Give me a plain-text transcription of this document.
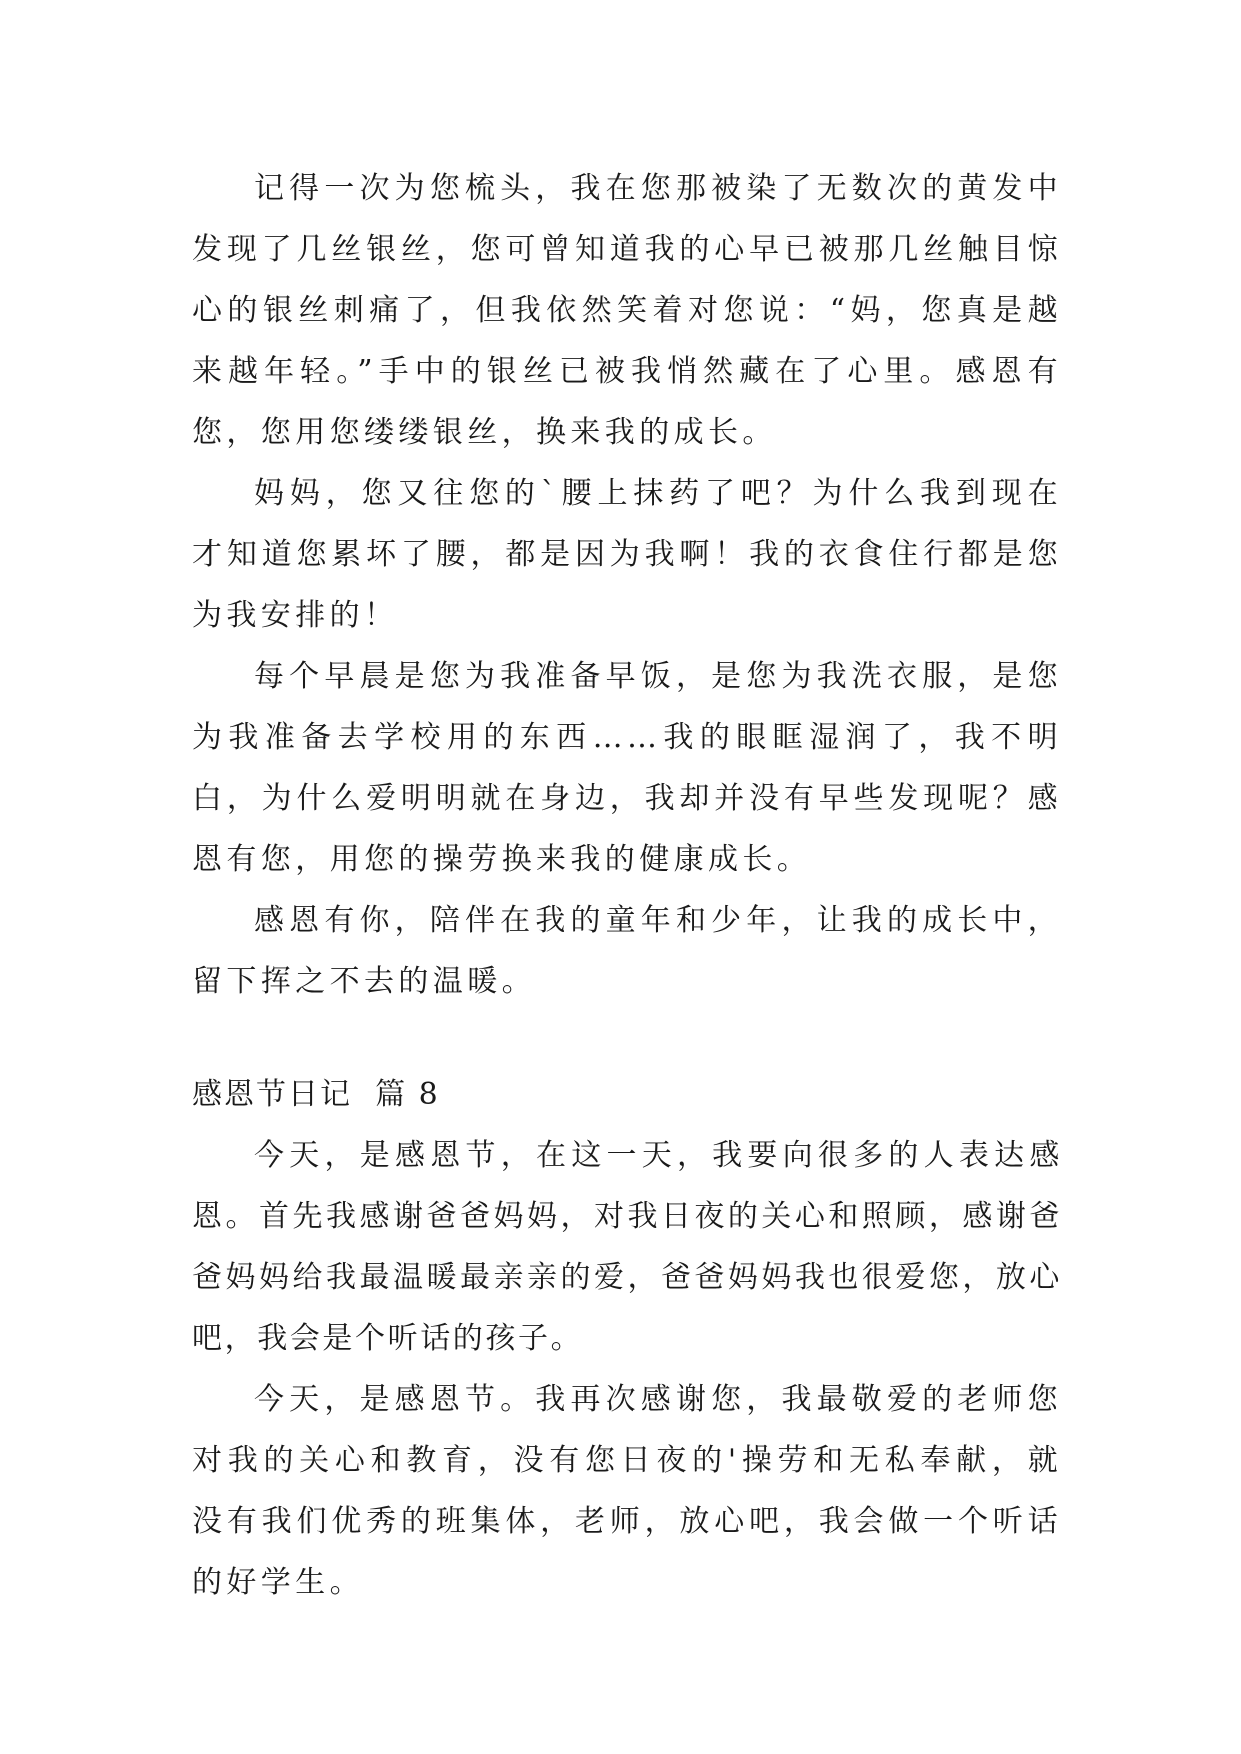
记得一次为您梳头，我在您那被染了无数次的黄发中发现了几丝银丝，您可曾知道我的心早已被那几丝触目惊心的银丝刺痛了，但我依然笑着对您说：“妈，您真是越来越年轻。”手中的银丝已被我悄然藏在了心里。感恩有您，您用您缕缕银丝，换来我的成长。

妈妈，您又往您的`腰上抹药了吧？为什么我到现在才知道您累坏了腰，都是因为我啊！我的衣食住行都是您为我安排的！

每个早晨是您为我准备早饭，是您为我洗衣服，是您为我准备去学校用的东西……我的眼眶湿润了，我不明白，为什么爱明明就在身边，我却并没有早些发现呢？感恩有您，用您的操劳换来我的健康成长。

感恩有你，陪伴在我的童年和少年，让我的成长中，留下挥之不去的温暖。

感恩节日记  篇 8

今天，是感恩节，在这一天，我要向很多的人表达感恩。首先我感谢爸爸妈妈，对我日夜的关心和照顾，感谢爸爸妈妈给我最温暖最亲亲的爱，爸爸妈妈我也很爱您，放心吧，我会是个听话的孩子。

今天，是感恩节。我再次感谢您，我最敬爱的老师您对我的关心和教育，没有您日夜的'操劳和无私奉献，就没有我们优秀的班集体，老师，放心吧，我会做一个听话的好学生。
